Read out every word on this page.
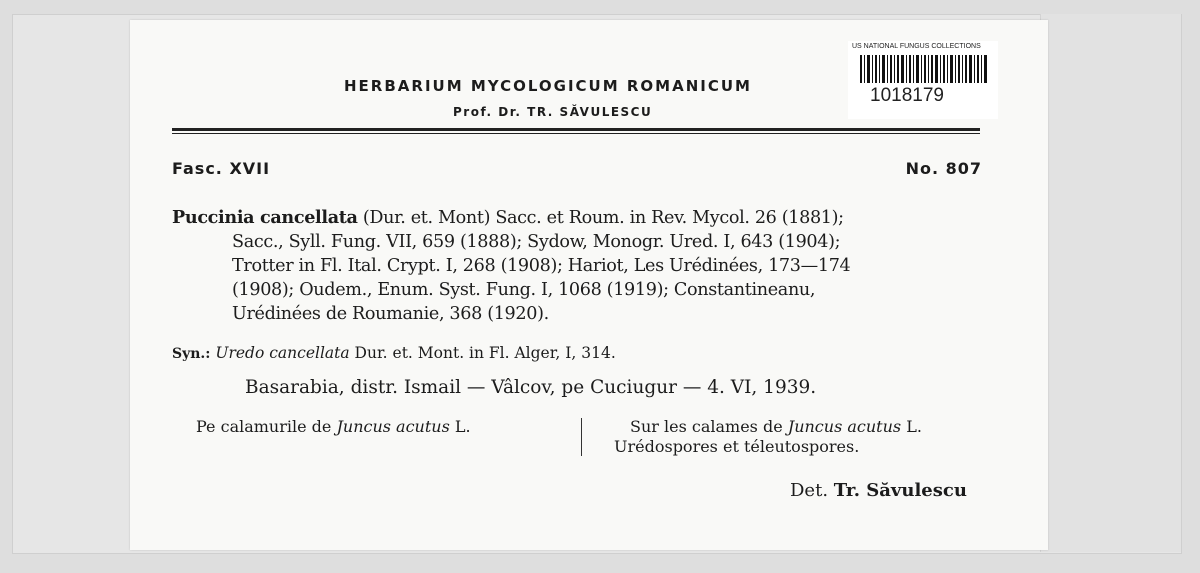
HERBARIUM MYCOLOGICUM ROMANICUM
Prof. Dr. TR. SĂVULESCU
US NATIONAL FUNGUS COLLECTIONS
1018179
Fasc. XVII	No. 807
Puccinia cancellata (Dur. et. Mont) Sacc. et Roum. in Rev. Mycol. 26 (1881);
Sacc., Syll. Fung. VII, 659 (1888); Sydow, Monogr. Ured. I, 643 (1904);
Trotter in Fl. Ital. Crypt. I, 268 (1908); Hariot, Les Urédinées, 173—174
(1908); Oudem., Enum. Syst. Fung. I, 1068 (1919); Constantineanu,
Urédinées de Roumanie, 368 (1920).
Syn.: Uredo cancellata Dur. et. Mont. in Fl. Alger, I, 314.
Basarabia, distr. Ismail — Vâlcov, pe Cuciugur — 4. VI, 1939.
Pe calamurile de Juncus acutus L.	Sur les calames de Juncus acutus L.
Urédospores et téleutospores.
Det. Tr. Săvulescu
